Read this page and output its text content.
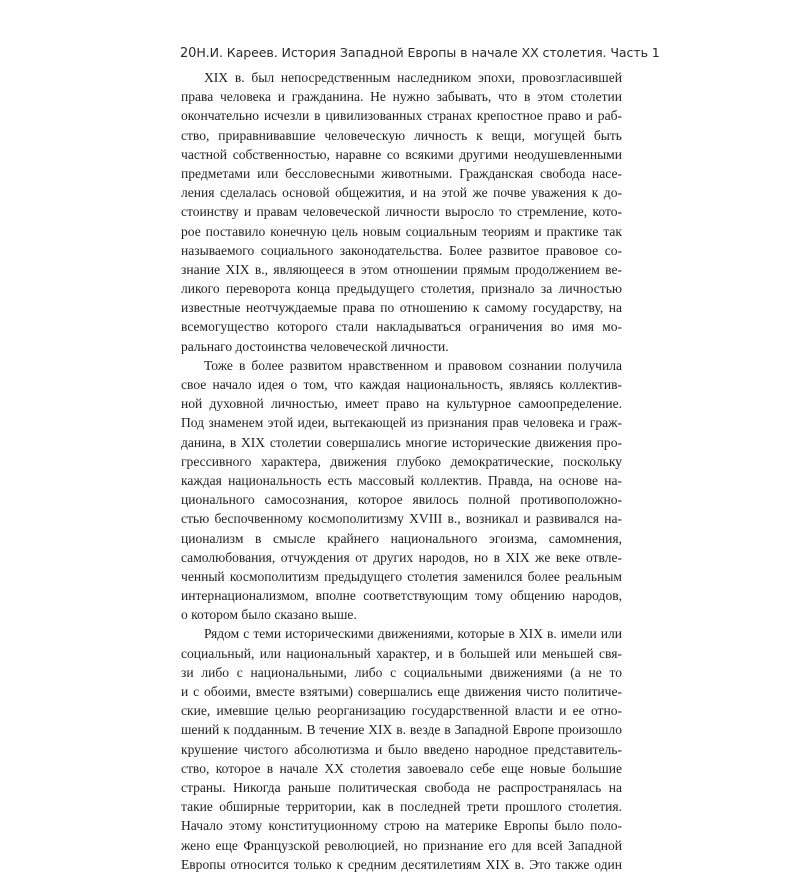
20 Н.И. Кареев. История Западной Европы в начале XX столетия. Часть 1
XIX в. был непосредственным наследником эпохи, провозгласившей
права человека и гражданина. Не нужно забывать, что в этом столетии
окончательно исчезли в цивилизованных странах крепостное право и раб-
ство, приравнивавшие человеческую личность к вещи, могущей быть
частной собственностью, наравне со всякими другими неодушевленными
предметами или бессловесными животными. Гражданская свобода насе-
ления сделалась основой общежития, и на этой же почве уважения к до-
стоинству и правам человеческой личности выросло то стремление, кото-
рое поставило конечную цель новым социальным теориям и практике так
называемого социального законодательства. Более развитое правовое со-
знание XIX в., являющееся в этом отношении прямым продолжением ве-
ликого переворота конца предыдущего столетия, признало за личностью
известные неотчуждаемые права по отношению к самому государству, на
всемогущество которого стали накладываться ограничения во имя мо-
ральнаго достоинства человеческой личности.
Тоже в более развитом нравственном и правовом сознании получила
свое начало идея о том, что каждая национальность, являясь коллектив-
ной духовной личностью, имеет право на культурное самоопределение.
Под знаменем этой идеи, вытекающей из признания прав человека и граж-
данина, в XIX столетии совершались многие исторические движения про-
грессивного характера, движения глубоко демократические, поскольку
каждая национальность есть массовый коллектив. Правда, на основе на-
ционального самосознания, которое явилось полной противоположно-
стью беспочвенному космополитизму XVIII в., возникал и развивался на-
ционализм в смысле крайнего национального эгоизма, самомнения,
самолюбования, отчуждения от других народов, но в XIX же веке отвле-
ченный космополитизм предыдущего столетия заменился более реальным
интернационализмом, вполне соответствующим тому общению народов,
о котором было сказано выше.
Рядом с теми историческими движениями, которые в XIX в. имели или
социальный, или национальный характер, и в большей или меньшей свя-
зи либо с национальными, либо с социальными движениями (а не то
и с обоими, вместе взятыми) совершались еще движения чисто политиче-
ские, имевшие целью реорганизацию государственной власти и ее отно-
шений к подданным. В течение XIX в. везде в Западной Европе произошло
крушение чистого абсолютизма и было введено народное представитель-
ство, которое в начале XX столетия завоевало себе еще новые большие
страны. Никогда раньше политическая свобода не распространялась на
такие обширные территории, как в последней трети прошлого столетия.
Начало этому конституционному строю на материке Европы было поло-
жено еще Французской революцией, но признание его для всей Западной
Европы относится только к средним десятилетиям XIX в. Это также один
